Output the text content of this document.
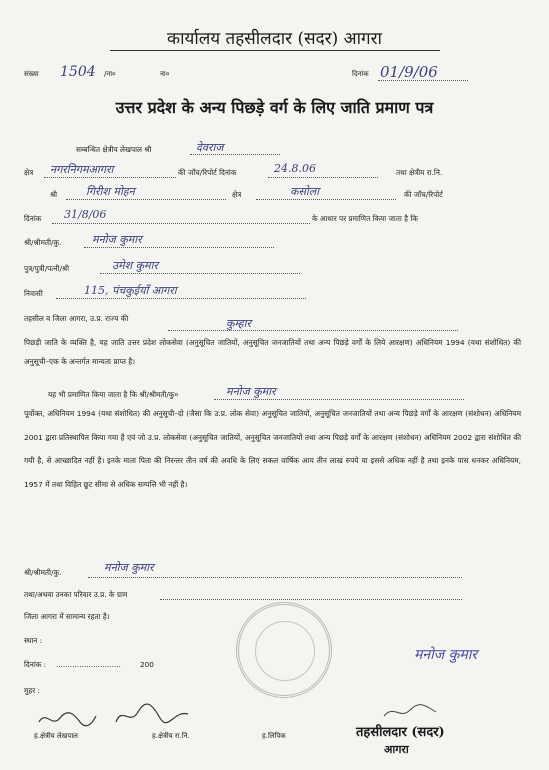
कार्यालय तहसीलदार (सदर) आगरा
संख्या 1504 /ना०	ना०	दिनांक 01/9/06
उत्तर प्रदेश के अन्य पिछड़े वर्ग के लिए जाति प्रमाण पत्र
सम्बन्धित क्षेत्रीय लेखपाल श्री	देवराज
क्षेत्र नगरनिगमआगरा	की जाँच/रिपोर्ट दिनांक	24.8.06	तथा क्षेत्रीय रा.नि.
श्री	गिरीश मोहन	क्षेत्र	कसोला	की जाँच/रिपोर्ट
दिनांक 31/8/06	के आधार पर प्रमाणित किया जाता है कि
श्री/श्रीमती/कु.	मनोज कुमार
पुत्र/पुत्री/पत्नी/श्री	उमेश कुमार
निवासी	115, पंचकुईयाँ आगरा
तहसील व जिला आगरा, उ.प्र. राज्य की	कुम्हार
पिछड़ी जाति के व्यक्ति है, यह जाति उत्तर प्रदेश लोकसेवा (अनुसूचित जातियों, अनुसूचित जनजातियों तथा अन्य पिछड़े वर्गों के लिये आरक्षण) अधिनियम 1994 (यथा संशोधित) की अनुसूची–एक के अन्तर्गत मान्यता प्राप्त है।
यह भी प्रमाणित किया जाता है कि श्री/श्रीमती/कु०	मनोज कुमार
पूर्वोक्त, अधिनियम 1994 (यथा संशोधित) की अनुसूची–दो (जैसा कि उ.प्र. लोक सेवा) अनुसूचित जातियों, अनुसूचित जनजातियों तथा अन्य पिछड़े वर्गों के आरक्षण (संशोधन) अधिनियम 2001 द्वारा प्रतिस्थापित किया गया है एवं जो उ.प्र. लोकसेवा (अनुसूचित जातियों, अनुसूचित जनजातियों तथा अन्य पिछड़े वर्गों के आरक्षण (संशोधन) अधिनियम 2002 द्वारा संशोधित की गयी है, से आच्छादित नहीं है। इनके माता पिता की निरन्तर तीन वर्ष की अवधि के लिए सकल वार्षिक आय तीन लाख रुपये या इससे अधिक नहीं है तथा इनके पास धनकर अधिनियम, 1957 में तथा विहित छूट सीमा से अधिक सम्पत्ति भी नहीं है।
श्री/श्रीमती/कु.	मनोज कुमार
तथा/अथवा उनका परिवार उ.प्र. के ग्राम
जिला आगरा में सामान्य रहता है।
स्थान :
दिनांक : ............................	200
मुहर :
मनोज कुमार
ह.क्षेत्रीय लेखपाल	ह.क्षेत्रीय रा.नि.	ह.लिपिक	तहसीलदार (सदर)
आगरा
